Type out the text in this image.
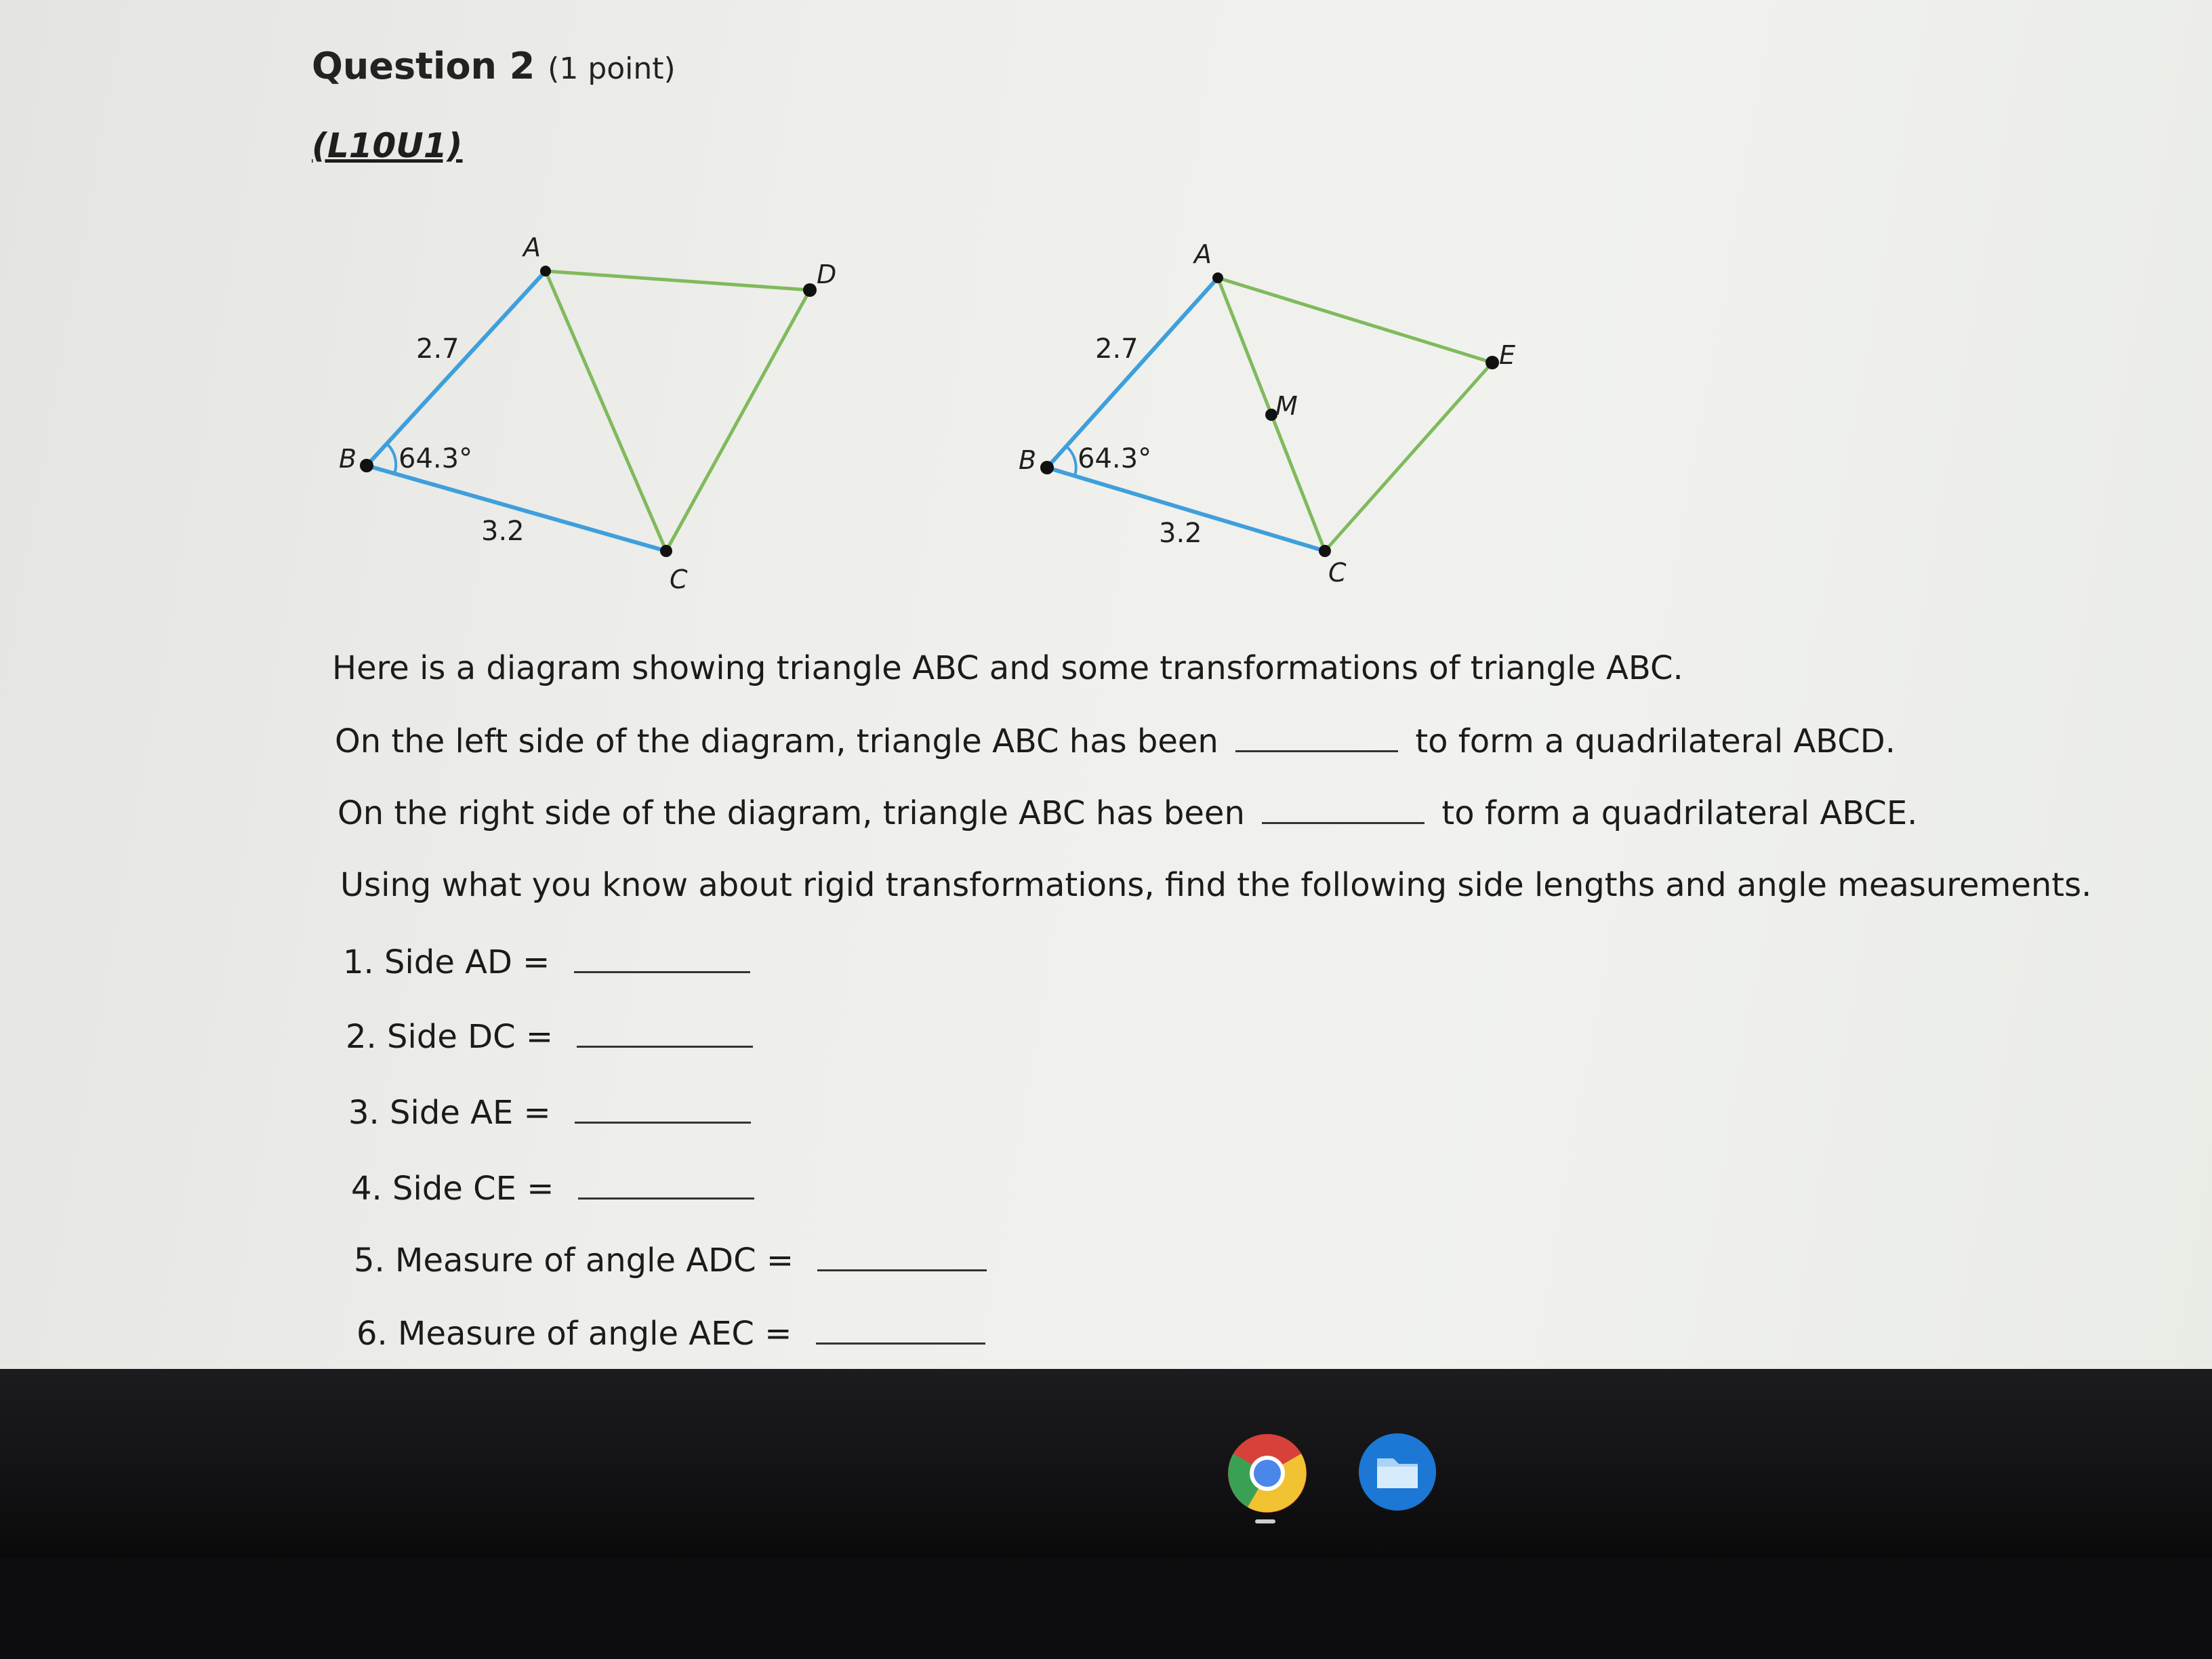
Question 2 (1 point)
(L10U1)
A
B
C
D
2.7
3.2
64.3°
A
B
C
E
M
2.7
3.2
64.3°

Here is a diagram showing triangle ABC and some transformations of triangle ABC.

On the left side of the diagram, triangle ABC has been	to form a quadrilateral ABCD.

On the right side of the diagram, triangle ABC has been	to form a quadrilateral ABCE.

Using what you know about rigid transformations, find the following side lengths and angle measurements.

1. Side AD =

2. Side DC =

3. Side AE =

4. Side CE =

5. Measure of angle ADC =

6. Measure of angle AEC =
